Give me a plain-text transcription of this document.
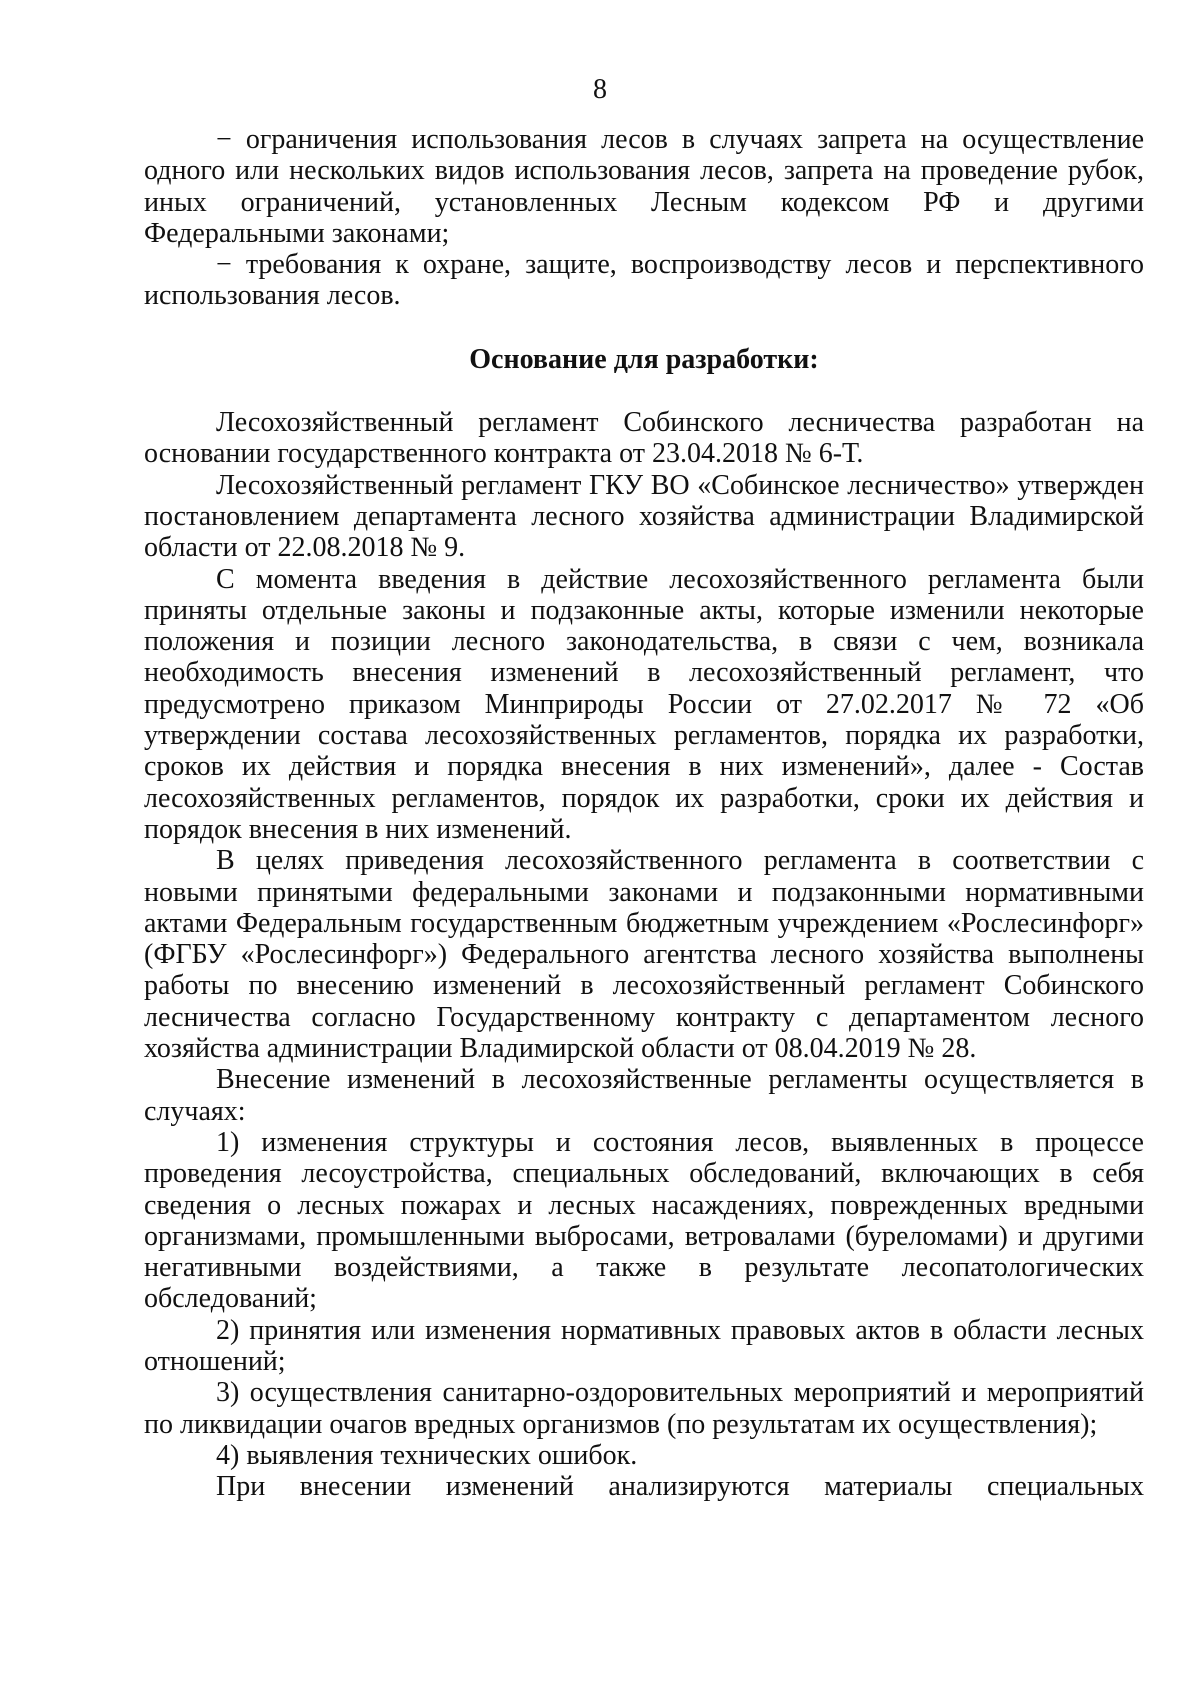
8

− ограничения использования лесов в случаях запрета на осуществление одного или нескольких видов использования лесов, запрета на проведение рубок, иных ограничений, установленных Лесным кодексом РФ и другими Федеральными законами;

− требования к охране, защите, воспроизводству лесов и перспективного использования лесов.

Основание для разработки:

Лесохозяйственный регламент Собинского лесничества разработан на основании государственного контракта от 23.04.2018 № 6-Т.

Лесохозяйственный регламент ГКУ ВО «Собинское лесничество» утвержден постановлением департамента лесного хозяйства администрации Владимирской области от 22.08.2018 № 9.

С момента введения в действие лесохозяйственного регламента были приняты отдельные законы и подзаконные акты, которые изменили некоторые положения и позиции лесного законодательства, в связи с чем, возникала необходимость внесения изменений в лесохозяйственный регламент, что предусмотрено приказом Минприроды России от 27.02.2017 № 72 «Об утверждении состава лесохозяйственных регламентов, порядка их разработки, сроков их действия и порядка внесения в них изменений», далее - Состав лесохозяйственных регламентов, порядок их разработки, сроки их действия и порядок внесения в них изменений.

В целях приведения лесохозяйственного регламента в соответствии с новыми принятыми федеральными законами и подзаконными нормативными актами Федеральным государственным бюджетным учреждением «Рослесинфорг» (ФГБУ «Рослесинфорг») Федерального агентства лесного хозяйства выполнены работы по внесению изменений в лесохозяйственный регламент Собинского лесничества согласно Государственному контракту с департаментом лесного хозяйства администрации Владимирской области от 08.04.2019 № 28.

Внесение изменений в лесохозяйственные регламенты осуществляется в случаях:

1) изменения структуры и состояния лесов, выявленных в процессе проведения лесоустройства, специальных обследований, включающих в себя сведения о лесных пожарах и лесных насаждениях, поврежденных вредными организмами, промышленными выбросами, ветровалами (буреломами) и другими негативными воздействиями, а также в результате лесопатологических обследований;

2) принятия или изменения нормативных правовых актов в области лесных отношений;

3) осуществления санитарно-оздоровительных мероприятий и мероприятий по ликвидации очагов вредных организмов (по результатам их осуществления);

4) выявления технических ошибок.

При внесении изменений анализируются материалы специальных
